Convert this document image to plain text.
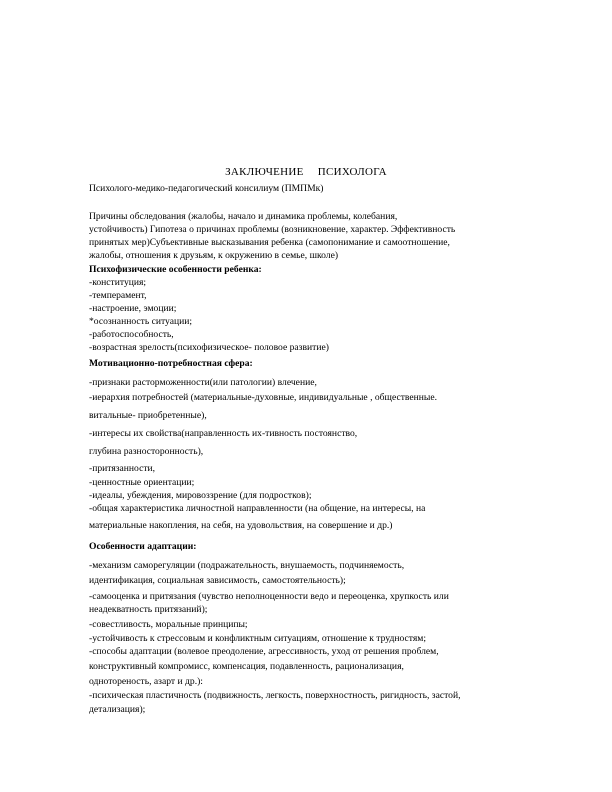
ЗАКЛЮЧЕНИЕ ПСИХОЛОГА
Психолого-медико-педагогический консилиум (ПМПМк)
Причины обследования (жалобы, начало и динамика проблемы, колебания,
устойчивость) Гипотеза о причинах проблемы (возникновение, характер. Эффективность
принятых мер)Субъективные высказывания ребенка (самопонимание и самоотношение,
жалобы, отношения к друзьям, к окружению в семье, школе)
Психофизические особенности ребенка:
-конституция;
-темперамент,
-настроение, эмоции;
*осознанность ситуации;
-работоспособность,
-возрастная зрелость(психофизическое- половое развитие)
Мотивационно-потребностная сфера:
-признаки расторможенности(или патологии) влечение,
-иерархия потребностей (материальные-духовные, индивидуальные , общественные.
витальные- приобретенные),
-интересы их свойства(направленность их-тивность постоянство,
глубина разносторонность),
-притязанности,
-ценностные ориентации;
-идеалы, убеждения, мировоззрение (для подростков);
-общая характеристика личностной направленности (на общение, на интересы, на
материальные накопления, на себя, на удовольствия, на совершение и др.)
Особенности адаптации:
-механизм саморегуляции (подражательность, внушаемость, подчиняемость,
идентификация, социальная зависимость, самостоятельность);
-самооценка и притязания (чувство неполноценности ведо и переоценка, хрупкость или
неадекватность притязаний);
-совестливость, моральные принципы;
-устойчивость к стрессовым и конфликтным ситуациям, отношение к трудностям;
-способы адаптации (волевое преодоление, агрессивность, уход от решения проблем,
конструктивный компромисс, компенсация, подавленность, рационализация,
однотореность, азарт и др.):
-психическая пластичность (подвижность, легкость, поверхностность, ригидность, застой,
детализация);
